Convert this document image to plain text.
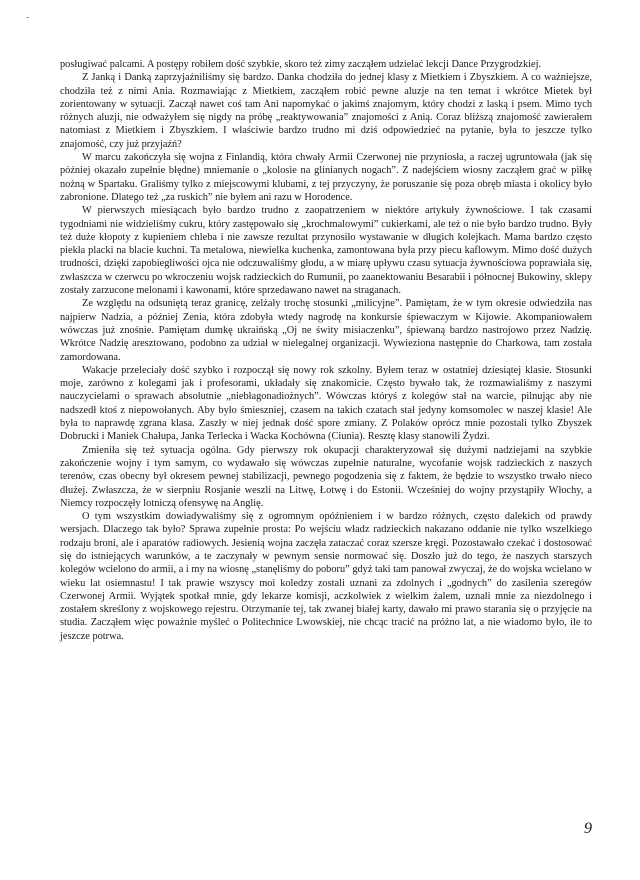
-

posługiwać palcami. A postępy robiłem dość szybkie, skoro też zimy zacząłem udzielać lekcji Dance Przygrodzkiej.

Z Janką i Danką zaprzyjaźniliśmy się bardzo. Danka chodziła do jednej klasy z Mietkiem i Zbyszkiem. A co ważniejsze, chodziła też z nimi Ania. Rozmawiając z Mietkiem, zacząłem robić pewne aluzje na ten temat i wkrótce Mietek był zorientowany w sytuacji. Zaczął nawet coś tam Ani napomykać o jakimś znajomym, który chodzi z laską i psem. Mimo tych różnych aluzji, nie odważyłem się nigdy na próbę „reaktywowania” znajomości z Anią. Coraz bliższą znajomość zawierałem natomiast z Mietkiem i Zbyszkiem. I właściwie bardzo trudno mi dziś odpowiedzieć na pytanie, była to jeszcze tylko znajomość, czy już przyjaźń?

W marcu zakończyła się wojna z Finlandią, która chwały Armii Czerwonej nie przyniosła, a raczej ugruntowała (jak się później okazało zupełnie błędne) mniemanie o „kolosie na glinianych nogach”. Z nadejściem wiosny zacząłem grać w piłkę nożną w Spartaku. Graliśmy tylko z miejscowymi klubami, z tej przyczyny, że poruszanie się poza obręb miasta i okolicy było zabronione. Dlatego też „za ruskich” nie byłem ani razu w Horodence.

W pierwszych miesiącach było bardzo trudno z zaopatrzeniem w niektóre artykuły żywnościowe. I tak czasami tygodniami nie widzieliśmy cukru, który zastępowało się „krochmalowymi” cukierkami, ale też o nie było bardzo trudno. Były też duże kłopoty z kupieniem chleba i nie zawsze rezultat przynosiło wystawanie w długich kolejkach. Mama bardzo często piekła placki na blacie kuchni. Ta metalowa, niewielka kuchenka, zamontowana była przy piecu kaflowym. Mimo dość dużych trudności, dzięki zapobiegliwości ojca nie odczuwaliśmy głodu, a w miarę upływu czasu sytuacja żywnościowa poprawiała się, zwłaszcza w czerwcu po wkroczeniu wojsk radzieckich do Rumunii, po zaanektowaniu Besarabii i północnej Bukowiny, sklepy zostały zarzucone melonami i kawonami, które sprzedawano nawet na straganach.

Ze względu na odsuniętą teraz granicę, zelżały trochę stosunki „milicyjne”. Pamiętam, że w tym okresie odwiedziła nas najpierw Nadzia, a później Zenia, która zdobyła wtedy nagrodę na konkursie śpiewaczym w Kijowie. Akompaniowałem wówczas już znośnie. Pamiętam dumkę ukraińską „Oj ne świty misiaczenku”, śpiewaną bardzo nastrojowo przez Nadzię. Wkrótce Nadzię aresztowano, podobno za udział w nielegalnej organizacji. Wywieziona następnie do Charkowa, tam została zamordowana.

Wakacje przeleciały dość szybko i rozpoczął się nowy rok szkolny. Byłem teraz w ostatniej dziesiątej klasie. Stosunki moje, zarówno z kolegami jak i profesorami, układały się znakomicie. Często bywało tak, że rozmawialiśmy z naszymi nauczycielami o sprawach absolutnie „niebłagonadiożnych”. Wówczas któryś z kolegów stał na warcie, pilnując aby nie nadszedł ktoś z niepowołanych. Aby było śmieszniej, czasem na takich czatach stał jedyny komsomolec w naszej klasie! Ale była to naprawdę zgrana klasa. Zaszły w niej jednak dość spore zmiany. Z Polaków oprócz mnie pozostali tylko Zbyszek Dobrucki i Maniek Chałupa, Janka Terlecka i Wacka Kochówna (Ciunia). Resztę klasy stanowili Żydzi.

Zmieniła się też sytuacja ogólna. Gdy pierwszy rok okupacji charakteryzował się dużymi nadziejami na szybkie zakończenie wojny i tym samym, co wydawało się wówczas zupełnie naturalne, wycofanie wojsk radzieckich z naszych terenów, czas obecny był okresem pewnej stabilizacji, pewnego pogodzenia się z faktem, że będzie to wszystko trwało nieco dłużej. Zwłaszcza, że w sierpniu Rosjanie weszli na Litwę, Łotwę i do Estonii. Wcześniej do wojny przystąpiły Włochy, a Niemcy rozpoczęły lotniczą ofensywę na Anglię.

O tym wszystkim dowiadywaliśmy się z ogromnym opóźnieniem i w bardzo różnych, często dalekich od prawdy wersjach. Dlaczego tak było? Sprawa zupełnie prosta: Po wejściu władz radzieckich nakazano oddanie nie tylko wszelkiego rodzaju broni, ale i aparatów radiowych. Jesienią wojna zaczęła zataczać coraz szersze kręgi. Pozostawało czekać i dostosować się do istniejących warunków, a te zaczynały w pewnym sensie normować się. Doszło już do tego, że naszych starszych kolegów wcielono do armii, a i my na wiosnę „stanęliśmy do poboru” gdyż taki tam panował zwyczaj, że do wojska wcielano w wieku lat osiemnastu! I tak prawie wszyscy moi koledzy zostali uznani za zdolnych i „godnych” do zasilenia szeregów Czerwonej Armii. Wyjątek spotkał mnie, gdy lekarze komisji, aczkolwiek z wielkim żalem, uznali mnie za niezdolnego i zostałem skreślony z wojskowego rejestru. Otrzymanie tej, tak zwanej białej karty, dawało mi prawo starania się o przyjęcie na studia. Zacząłem więc poważnie myśleć o Politechnice Lwowskiej, nie chcąc tracić na próżno lat, a nie wiadomo było, ile to jeszcze potrwa.

9
